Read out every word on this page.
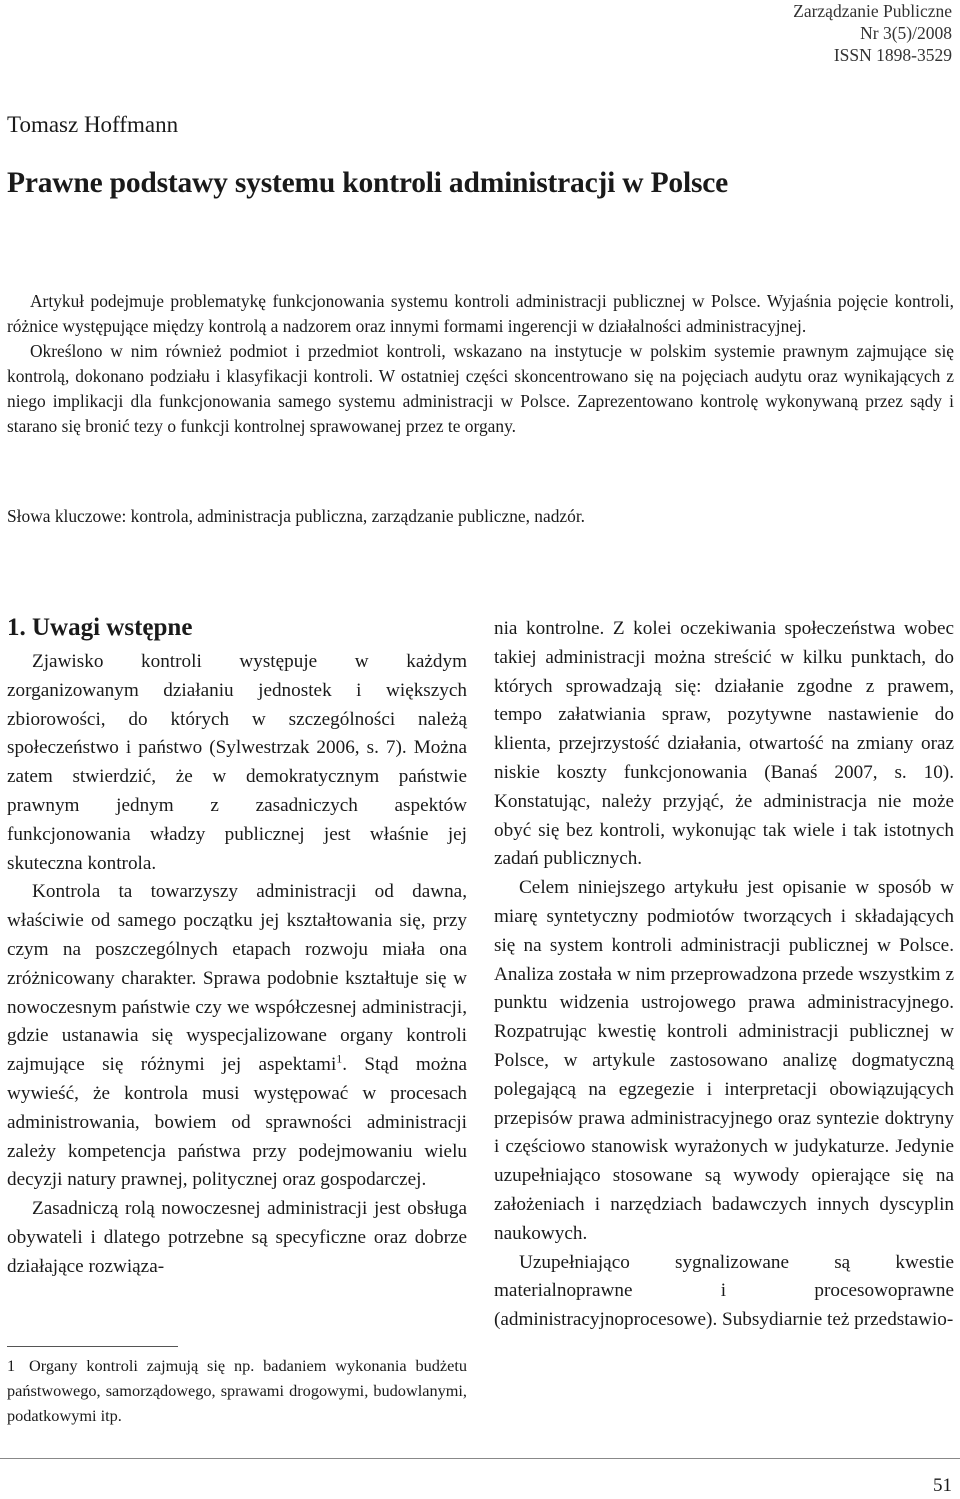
Zarządzanie Publiczne
Nr 3(5)/2008
ISSN 1898-3529
Tomasz Hoffmann
Prawne podstawy systemu kontroli administracji w Polsce

Artykuł podejmuje problematykę funkcjonowania systemu kontroli administracji publicznej w Polsce. Wyjaśnia pojęcie kontroli, różnice występujące między kontrolą a nadzorem oraz innymi formami ingerencji w działalności administracyjnej.

Określono w nim również podmiot i przedmiot kontroli, wskazano na instytucje w polskim systemie prawnym zajmujące się kontrolą, dokonano podziału i klasyfikacji kontroli. W ostatniej części skoncentrowano się na pojęciach audytu oraz wynikających z niego implikacji dla funkcjonowania samego systemu administracji w Polsce. Zaprezentowano kontrolę wykonywaną przez sądy i starano się bronić tezy o funkcji kontrolnej sprawowanej przez te organy.

Słowa kluczowe: kontrola, administracja publiczna, zarządzanie publiczne, nadzór.
1. Uwagi wstępne

Zjawisko kontroli występuje w każdym zorganizowanym działaniu jednostek i większych zbiorowości, do których w szczególności należą społeczeństwo i państwo (Sylwestrzak 2006, s. 7). Można zatem stwierdzić, że w demokratycznym państwie prawnym jednym z zasadniczych aspektów funkcjonowania władzy publicznej jest właśnie jej skuteczna kontrola.

Kontrola ta towarzyszy administracji od dawna, właściwie od samego początku jej kształtowania się, przy czym na poszczególnych etapach rozwoju miała ona zróżnicowany charakter. Sprawa podobnie kształtuje się w nowoczesnym państwie czy we współczesnej administracji, gdzie ustanawia się wyspecjalizowane organy kontroli zajmujące się różnymi jej aspektami$^1$. Stąd można wywieść, że kontrola musi występować w procesach administrowania, bowiem od sprawności administracji zależy kompetencja państwa przy podejmowaniu wielu decyzji natury prawnej, politycznej oraz gospodarczej.

Zasadniczą rolą nowoczesnej administracji jest obsługa obywateli i dlatego potrzebne są specyficzne oraz dobrze działające rozwiąza-

1 Organy kontroli zajmują się np. badaniem wykonania budżetu państwowego, samorządowego, sprawami drogowymi, budowlanymi, podatkowymi itp.

nia kontrolne. Z kolei oczekiwania społeczeństwa wobec takiej administracji można streścić w kilku punktach, do których sprowadzają się: działanie zgodne z prawem, tempo załatwiania spraw, pozytywne nastawienie do klienta, przejrzystość działania, otwartość na zmiany oraz niskie koszty funkcjonowania (Banaś 2007, s. 10). Konstatując, należy przyjąć, że administracja nie może obyć się bez kontroli, wykonując tak wiele i tak istotnych zadań publicznych.

Celem niniejszego artykułu jest opisanie w sposób w miarę syntetyczny podmiotów tworzących i składających się na system kontroli administracji publicznej w Polsce. Analiza została w nim przeprowadzona przede wszystkim z punktu widzenia ustrojowego prawa administracyjnego. Rozpatrując kwestię kontroli administracji publicznej w Polsce, w artykule zastosowano analizę dogmatyczną polegającą na egzegezie i interpretacji obowiązujących przepisów prawa administracyjnego oraz syntezie doktryny i częściowo stanowisk wyrażonych w judykaturze. Jedynie uzupełniająco stosowane są wywody opierające się na założeniach i narzędziach badawczych innych dyscyplin naukowych.

Uzupełniająco sygnalizowane są kwestie materialnoprawne i procesowoprawne (administracyjnoprocesowe). Subsydiarnie też przedstawio-

51
